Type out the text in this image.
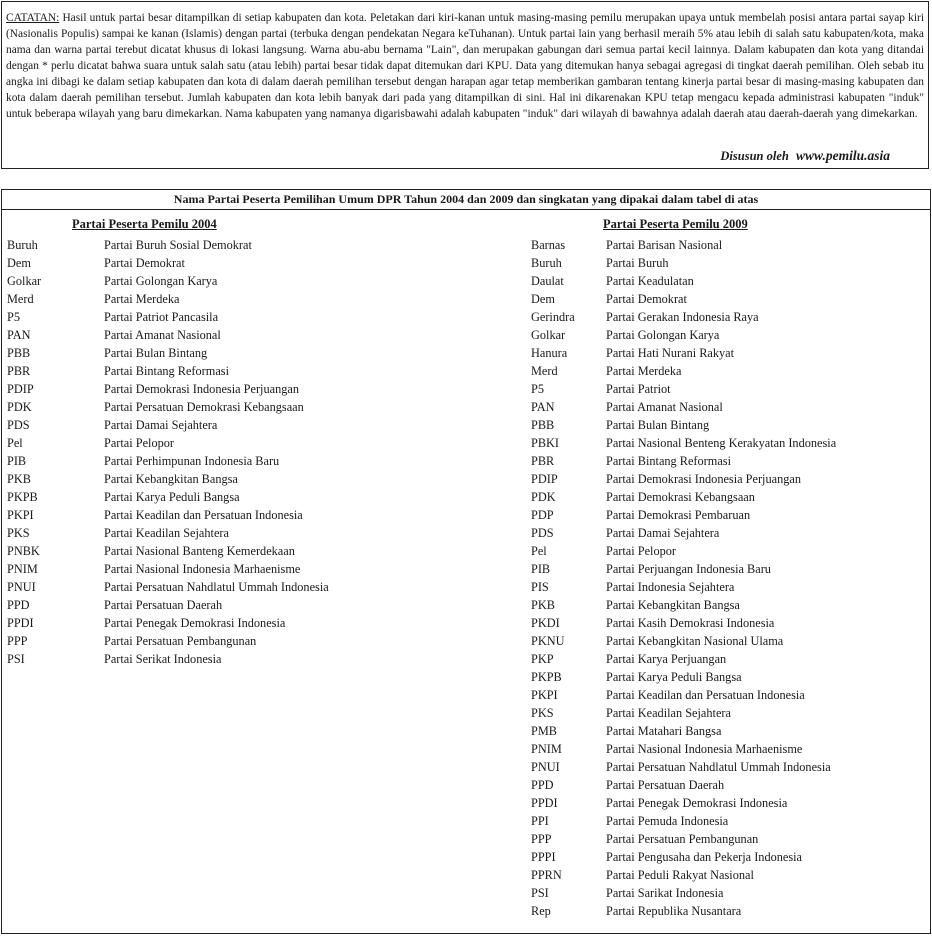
CATATAN: Hasil untuk partai besar ditampilkan di setiap kabupaten dan kota. Peletakan dari kiri-kanan untuk masing-masing pemilu merupakan upaya untuk membelah posisi antara partai sayap kiri (Nasionalis Populis) sampai ke kanan (Islamis) dengan partai (terbuka dengan pendekatan Negara keTuhanan). Untuk partai lain yang berhasil meraih 5% atau lebih di salah satu kabupaten/kota, maka nama dan warna partai terebut dicatat khusus di lokasi langsung. Warna abu-abu bernama "Lain", dan merupakan gabungan dari semua partai kecil lainnya. Dalam kabupaten dan kota yang ditandai dengan * perlu dicatat bahwa suara untuk salah satu (atau lebih) partai besar tidak dapat ditemukan dari KPU. Data yang ditemukan hanya sebagai agregasi di tingkat daerah pemilihan. Oleh sebab itu angka ini dibagi ke dalam setiap kabupaten dan kota di dalam daerah pemilihan tersebut dengan harapan agar tetap memberikan gambaran tentang kinerja partai besar di masing-masing kabupaten dan kota dalam daerah pemilihan tersebut. Jumlah kabupaten dan kota lebih banyak dari pada yang ditampilkan di sini. Hal ini dikarenakan KPU tetap mengacu kepada administrasi kabupaten "induk" untuk beberapa wilayah yang baru dimekarkan. Nama kabupaten yang namanya digarisbawahi adalah kabupaten "induk" dari wilayah di bawahnya adalah daerah atau daerah-daerah yang dimekarkan.
Disusun oleh www.pemilu.asia
Nama Partai Peserta Pemilihan Umum DPR Tahun 2004 dan 2009 dan singkatan yang dipakai dalam tabel di atas
Partai Peserta Pemilu 2004	Partai Peserta Pemilu 2009
Buruh	Partai Buruh Sosial Demokrat
Dem	Partai Demokrat
Golkar	Partai Golongan Karya
Merd	Partai Merdeka
P5	Partai Patriot Pancasila
PAN	Partai Amanat Nasional
PBB	Partai Bulan Bintang
PBR	Partai Bintang Reformasi
PDIP	Partai Demokrasi Indonesia Perjuangan
PDK	Partai Persatuan Demokrasi Kebangsaan
PDS	Partai Damai Sejahtera
Pel	Partai Pelopor
PIB	Partai Perhimpunan Indonesia Baru
PKB	Partai Kebangkitan Bangsa
PKPB	Partai Karya Peduli Bangsa
PKPI	Partai Keadilan dan Persatuan Indonesia
PKS	Partai Keadilan Sejahtera
PNBK	Partai Nasional Banteng Kemerdekaan
PNIM	Partai Nasional Indonesia Marhaenisme
PNUI	Partai Persatuan Nahdlatul Ummah Indonesia
PPD	Partai Persatuan Daerah
PPDI	Partai Penegak Demokrasi Indonesia
PPP	Partai Persatuan Pembangunan
PSI	Partai Serikat Indonesia
Barnas	Partai Barisan Nasional
Buruh	Partai Buruh
Daulat	Partai Keadulatan
Dem	Partai Demokrat
Gerindra	Partai Gerakan Indonesia Raya
Golkar	Partai Golongan Karya
Hanura	Partai Hati Nurani Rakyat
Merd	Partai Merdeka
P5	Partai Patriot
PAN	Partai Amanat Nasional
PBB	Partai Bulan Bintang
PBKI	Partai Nasional Benteng Kerakyatan Indonesia
PBR	Partai Bintang Reformasi
PDIP	Partai Demokrasi Indonesia Perjuangan
PDK	Partai Demokrasi Kebangsaan
PDP	Partai Demokrasi Pembaruan
PDS	Partai Damai Sejahtera
Pel	Partai Pelopor
PIB	Partai Perjuangan Indonesia Baru
PIS	Partai Indonesia Sejahtera
PKB	Partai Kebangkitan Bangsa
PKDI	Partai Kasih Demokrasi Indonesia
PKNU	Partai Kebangkitan Nasional Ulama
PKP	Partai Karya Perjuangan
PKPB	Partai Karya Peduli Bangsa
PKPI	Partai Keadilan dan Persatuan Indonesia
PKS	Partai Keadilan Sejahtera
PMB	Partai Matahari Bangsa
PNIM	Partai Nasional Indonesia Marhaenisme
PNUI	Partai Persatuan Nahdlatul Ummah Indonesia
PPD	Partai Persatuan Daerah
PPDI	Partai Penegak Demokrasi Indonesia
PPI	Partai Pemuda Indonesia
PPP	Partai Persatuan Pembangunan
PPPI	Partai Pengusaha dan Pekerja Indonesia
PPRN	Partai Peduli Rakyat Nasional
PSI	Partai Sarikat Indonesia
Rep	Partai Republika Nusantara
